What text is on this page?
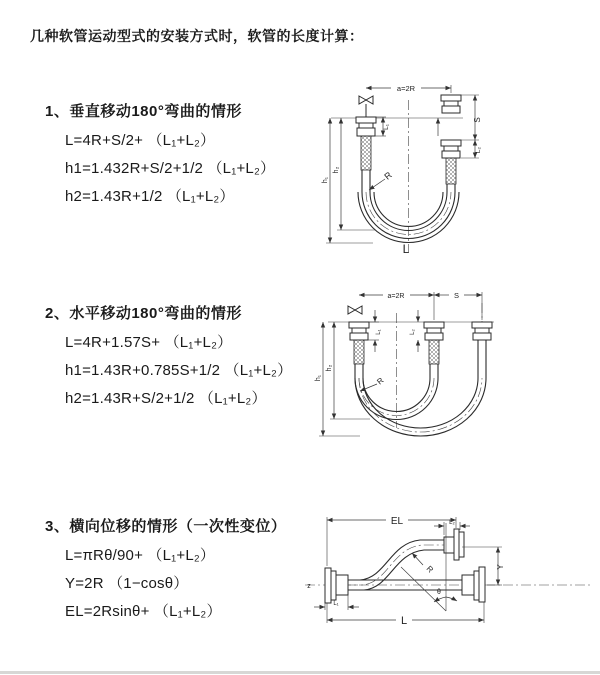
几种软管运动型式的安装方式时，软管的长度计算：
1、垂直移动180°弯曲的情形
L=4R+S/2+ （L₁+L₂）
h1=1.432R+S/2+1/2 （L₁+L₂）
h2=1.43R+1/2 （L₁+L₂）
2、水平移动180°弯曲的情形
L=4R+1.57S+ （L₁+L₂）
h1=1.43R+0.785S+1/2 （L₁+L₂）
h2=1.43R+S/2+1/2 （L₁+L₂）
3、横向位移的情形（一次性变位）
L=πRθ/90+ （L₁+L₂）
Y=2R （1−cosθ）
EL=2Rsinθ+ （L₁+L₂）
a=2R
S
L₂
L₁
h₁
h₂	R
L
a=2R	S
L₁	L₂
h₁
h₂
R
z
EL	L₂
Y
R
θ
L₁
L
